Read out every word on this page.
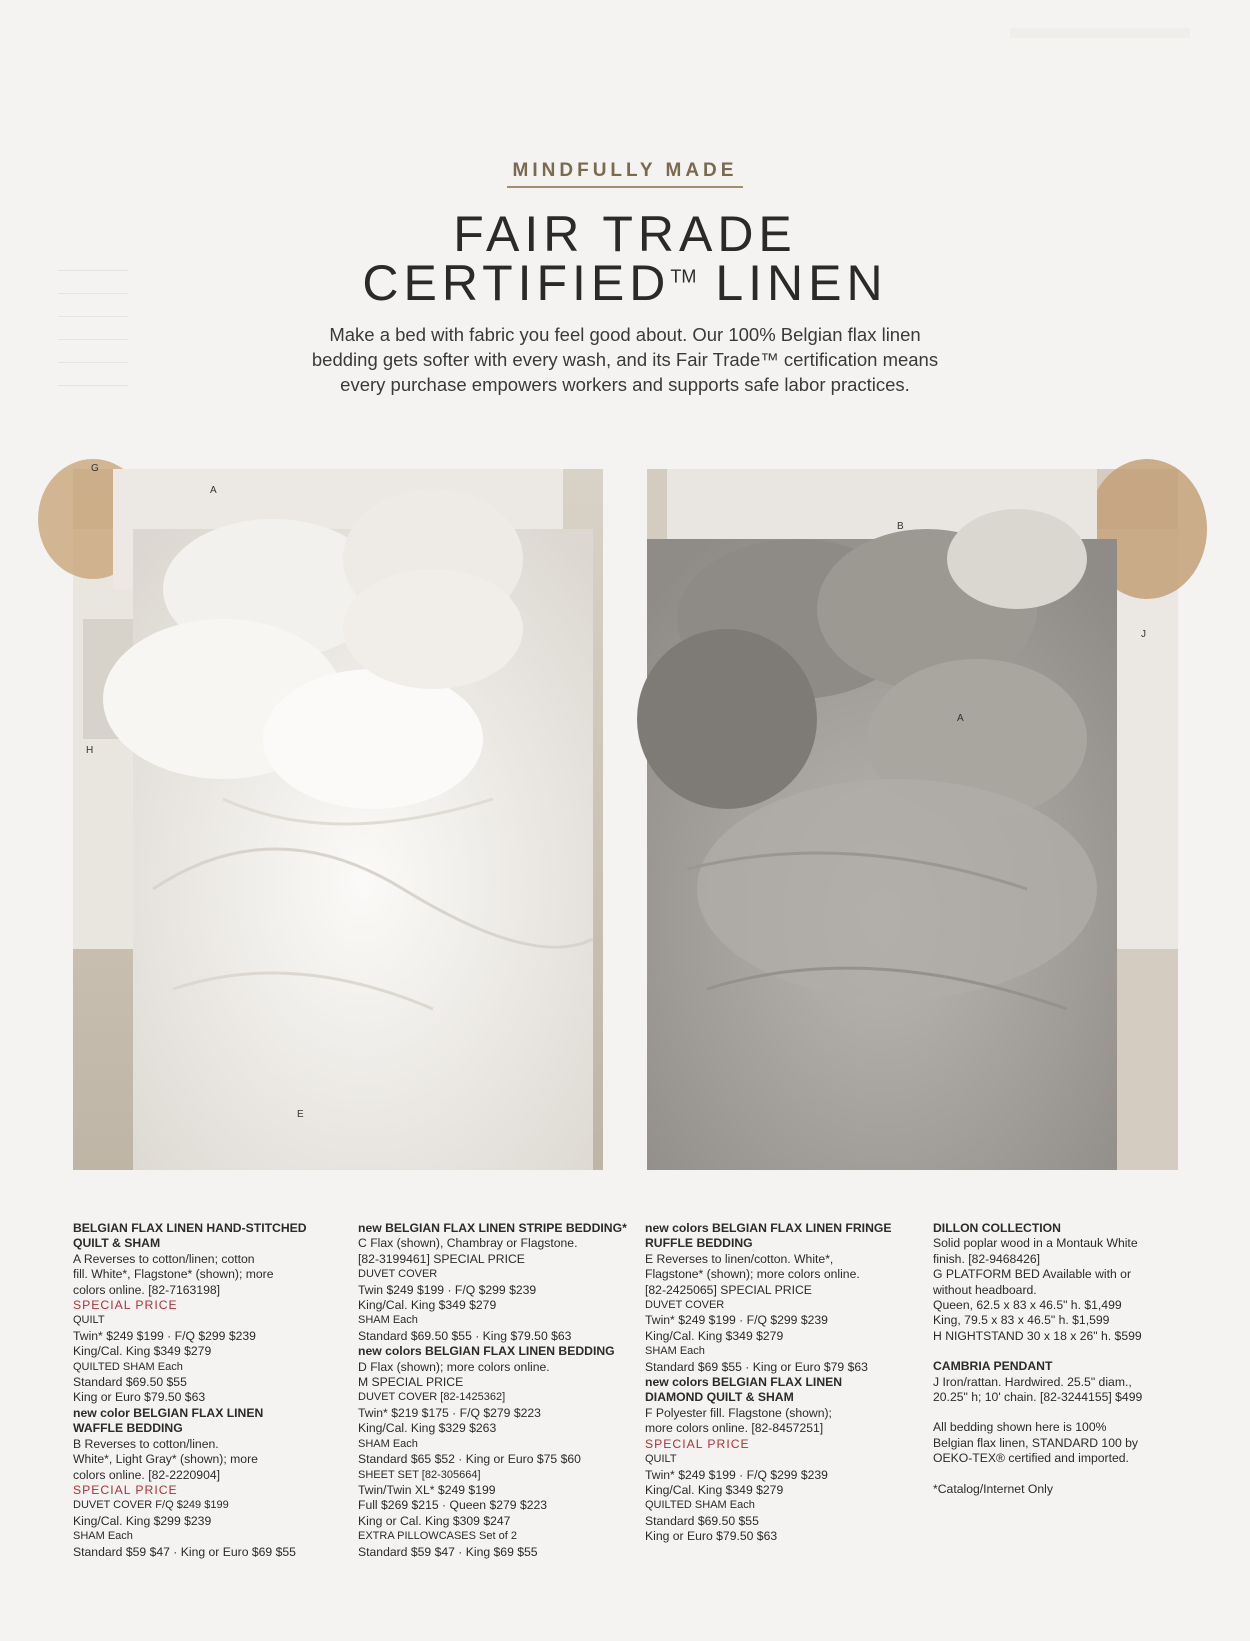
MINDFULLY MADE
FAIR TRADE
CERTIFIED™ LINEN
Make a bed with fabric you feel good about. Our 100% Belgian flax linen
bedding gets softer with every wash, and its Fair Trade™ certification means
every purchase empowers workers and supports safe labor practices.
G
A
H
E
B
J
A
BELGIAN FLAX LINEN HAND-STITCHED
QUILT & SHAM
A Reverses to cotton/linen; cotton
fill. White*, Flagstone* (shown); more
colors online. [82-7163198]
SPECIAL PRICE
QUILT
Twin* $249 $199 · F/Q $299 $239
King/Cal. King $349 $279
QUILTED SHAM Each
Standard $69.50 $55
King or Euro $79.50 $63
new color BELGIAN FLAX LINEN
WAFFLE BEDDING
B Reverses to cotton/linen.
White*, Light Gray* (shown); more
colors online. [82-2220904]
SPECIAL PRICE
DUVET COVER F/Q $249 $199
King/Cal. King $299 $239
SHAM Each
Standard $59 $47 · King or Euro $69 $55
new BELGIAN FLAX LINEN STRIPE BEDDING*
C Flax (shown), Chambray or Flagstone.
[82-3199461] SPECIAL PRICE
DUVET COVER
Twin $249 $199 · F/Q $299 $239
King/Cal. King $349 $279
SHAM Each
Standard $69.50 $55 · King $79.50 $63
new colors BELGIAN FLAX LINEN BEDDING
D Flax (shown); more colors online.
M SPECIAL PRICE
DUVET COVER [82-1425362]
Twin* $219 $175 · F/Q $279 $223
King/Cal. King $329 $263
SHAM Each
Standard $65 $52 · King or Euro $75 $60
SHEET SET [82-305664]
Twin/Twin XL* $249 $199
Full $269 $215 · Queen $279 $223
King or Cal. King $309 $247
EXTRA PILLOWCASES Set of 2
Standard $59 $47 · King $69 $55
new colors BELGIAN FLAX LINEN FRINGE
RUFFLE BEDDING
E Reverses to linen/cotton. White*,
Flagstone* (shown); more colors online.
[82-2425065] SPECIAL PRICE
DUVET COVER
Twin* $249 $199 · F/Q $299 $239
King/Cal. King $349 $279
SHAM Each
Standard $69 $55 · King or Euro $79 $63
new colors BELGIAN FLAX LINEN
DIAMOND QUILT & SHAM
F Polyester fill. Flagstone (shown);
more colors online. [82-8457251]
SPECIAL PRICE
QUILT
Twin* $249 $199 · F/Q $299 $239
King/Cal. King $349 $279
QUILTED SHAM Each
Standard $69.50 $55
King or Euro $79.50 $63
DILLON COLLECTION
Solid poplar wood in a Montauk White
finish. [82-9468426]
G PLATFORM BED Available with or
without headboard.
Queen, 62.5 x 83 x 46.5" h. $1,499
King, 79.5 x 83 x 46.5" h. $1,599
H NIGHTSTAND 30 x 18 x 26" h. $599
CAMBRIA PENDANT
J Iron/rattan. Hardwired. 25.5" diam.,
20.25" h; 10' chain. [82-3244155] $499
All bedding shown here is 100%
Belgian flax linen, STANDARD 100 by
OEKO-TEX® certified and imported.
*Catalog/Internet Only
